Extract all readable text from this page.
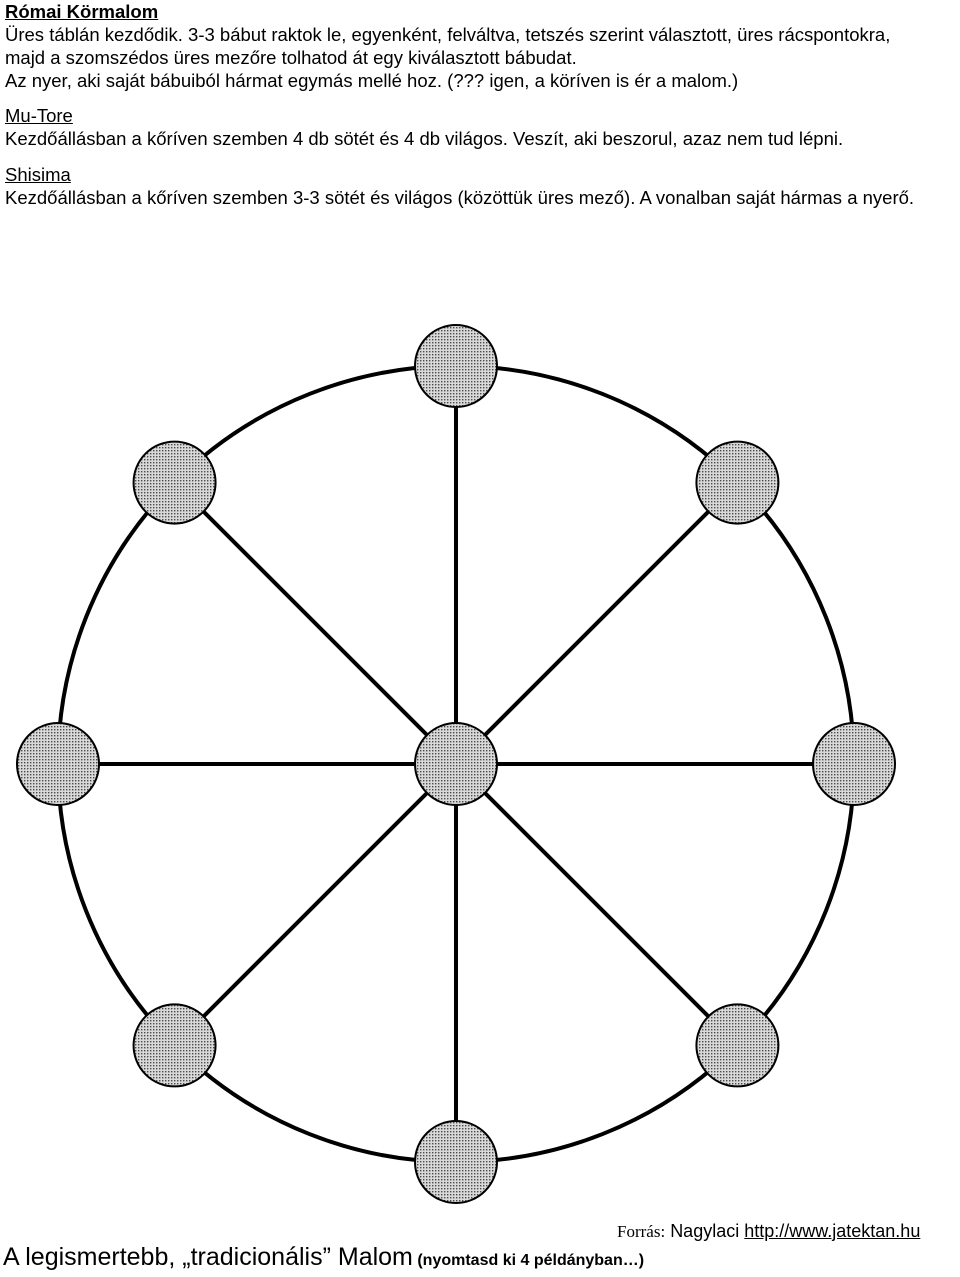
Római Körmalom
Üres táblán kezdődik. 3-3 bábut raktok le, egyenként, felváltva, tetszés szerint választott, üres rácspontokra,
majd a szomszédos üres mezőre tolhatod át egy kiválasztott bábudat.
Az nyer, aki saját bábuiból hármat egymás mellé hoz. (??? igen, a köríven is ér a malom.)
Mu-Tore
Kezdőállásban a kőríven szemben 4 db sötét és 4 db világos. Veszít, aki beszorul, azaz nem tud lépni.
Shisima
Kezdőállásban a kőríven szemben 3-3 sötét és világos (közöttük üres mező). A vonalban saját hármas a nyerő.
Forrás: Nagylaci http://www.jatektan.hu
A legismertebb, „tradicionális” Malom (nyomtasd ki 4 példányban…)
